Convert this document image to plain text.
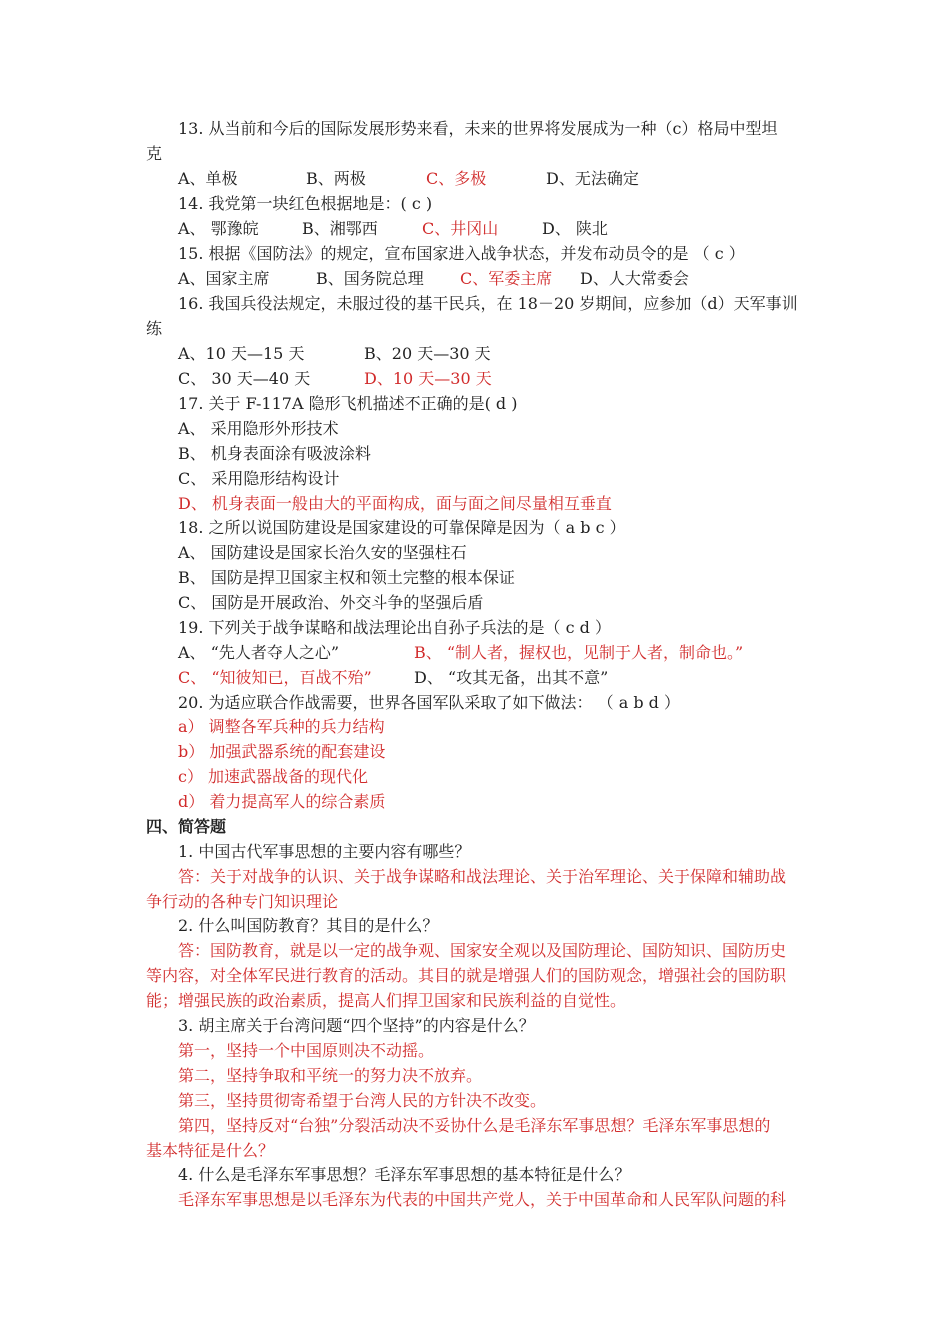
13. 从当前和今后的国际发展形势来看，未来的世界将发展成为一种（c）格局中型坦
克
A、单极	B、两极	C、多极	D、无法确定
14. 我党第一块红色根据地是：( c )
A、 鄂豫皖	B、湘鄂西	C、井冈山	D、 陕北
15. 根据《国防法》的规定，宣布国家进入战争状态，并发布动员令的是 （ c ）
A、国家主席	B、国务院总理 C、军委主席 D、人大常委会
16. 我国兵役法规定，未服过役的基干民兵，在 18－20 岁期间，应参加（d）天军事训
练
A、10 天—15 天	B、20 天—30 天
C、 30 天—40 天	D、10 天—30 天
17. 关于 F-117A 隐形飞机描述不正确的是( d )
A、 采用隐形外形技术
B、 机身表面涂有吸波涂料
C、 采用隐形结构设计
D、 机身表面一般由大的平面构成，面与面之间尽量相互垂直
18. 之所以说国防建设是国家建设的可靠保障是因为（ a b c ）
A、 国防建设是国家长治久安的坚强柱石
B、 国防是捍卫国家主权和领土完整的根本保证
C、 国防是开展政治、外交斗争的坚强后盾
19. 下列关于战争谋略和战法理论出自孙子兵法的是（ c d ）
A、 “先人者夺人之心”	B、 “制人者，握权也，见制于人者，制命也。”
C、 “知彼知已，百战不殆”	D、 “攻其无备，出其不意”
20. 为适应联合作战需要，世界各国军队采取了如下做法： （ a b d ）
a） 调整各军兵种的兵力结构
b） 加强武器系统的配套建设
c） 加速武器战备的现代化
d） 着力提高军人的综合素质
四、简答题
1. 中国古代军事思想的主要内容有哪些？
答：关于对战争的认识、关于战争谋略和战法理论、关于治军理论、关于保障和辅助战
争行动的各种专门知识理论
2. 什么叫国防教育？其目的是什么？
答：国防教育，就是以一定的战争观、国家安全观以及国防理论、国防知识、国防历史
等内容，对全体军民进行教育的活动。其目的就是增强人们的国防观念，增强社会的国防职
能；增强民族的政治素质，提高人们捍卫国家和民族利益的自觉性。
3. 胡主席关于台湾问题“四个坚持”的内容是什么？
第一，坚持一个中国原则决不动摇。
第二，坚持争取和平统一的努力决不放弃。
第三，坚持贯彻寄希望于台湾人民的方针决不改变。
第四，坚持反对“台独”分裂活动决不妥协什么是毛泽东军事思想？毛泽东军事思想的
基本特征是什么？
4. 什么是毛泽东军事思想？毛泽东军事思想的基本特征是什么？
毛泽东军事思想是以毛泽东为代表的中国共产党人，关于中国革命和人民军队问题的科
